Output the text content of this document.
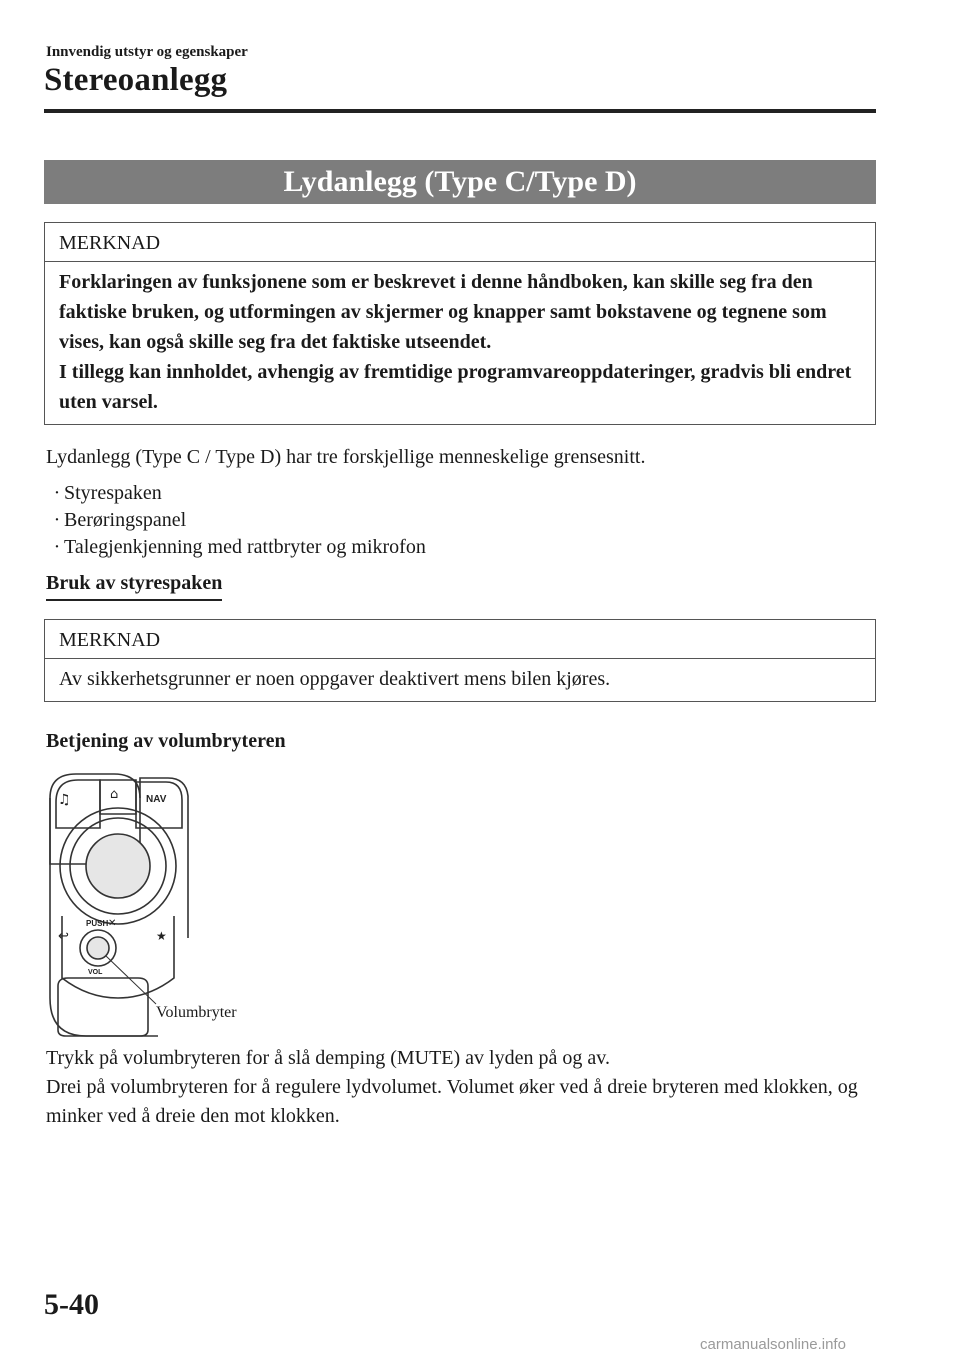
Innvendig utstyr og egenskaper
Stereoanlegg
Lydanlegg (Type C/Type D)
MERKNAD

Forklaringen av funksjonene som er beskrevet i denne håndboken, kan skille seg fra den faktiske bruken, og utformingen av skjermer og knapper samt bokstavene og tegnene som vises, kan også skille seg fra det faktiske utseendet.

I tillegg kan innholdet, avhengig av fremtidige programvareoppdateringer, gradvis bli endret uten varsel.

Lydanlegg (Type C / Type D) har tre forskjellige menneskelige grensesnitt.
· Styrespaken
· Berøringspanel
· Talegjenkjenning med rattbryter og mikrofon
Bruk av styrespaken
MERKNAD
Av sikkerhetsgrunner er noen oppgaver deaktivert mens bilen kjøres.
Betjening av volumbryteren
♫	⌂	NAV
PUSH ✕
↩	★
VOL
Volumbryter

Trykk på volumbryteren for å slå demping (MUTE) av lyden på og av.

Drei på volumbryteren for å regulere lydvolumet. Volumet øker ved å dreie bryteren med klokken, og minker ved å dreie den mot klokken.

5-40
carmanualsonline.info
